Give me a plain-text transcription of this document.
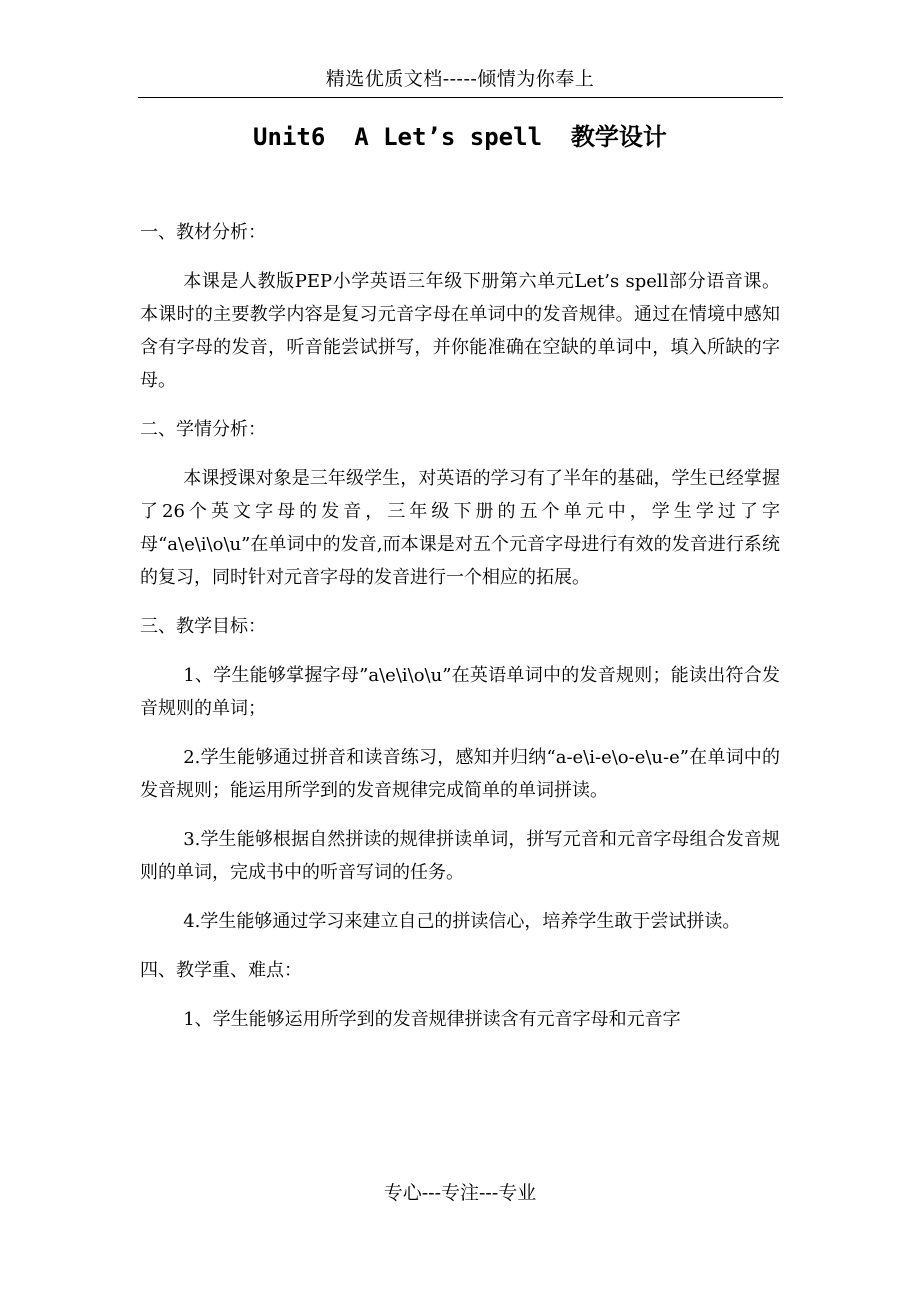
精选优质文档-----倾情为你奉上
Unit6  A Let’s spell  教学设计
一、教材分析：
本课是人教版PEP小学英语三年级下册第六单元Let’s spell部分语音课。本课时的主要教学内容是复习元音字母在单词中的发音规律。通过在情境中感知含有字母的发音，听音能尝试拼写，并你能准确在空缺的单词中，填入所缺的字母。
二、学情分析：
本课授课对象是三年级学生，对英语的学习有了半年的基础，学生已经掌握了26个英文字母的发音，三年级下册的五个单元中，学生学过了字母“a\e\i\o\u”在单词中的发音,而本课是对五个元音字母进行有效的发音进行系统的复习，同时针对元音字母的发音进行一个相应的拓展。
三、教学目标：
1、学生能够掌握字母”a\e\i\o\u”在英语单词中的发音规则；能读出符合发音规则的单词；
2.学生能够通过拼音和读音练习，感知并归纳“a-e\i-e\o-e\u-e”在单词中的发音规则；能运用所学到的发音规律完成简单的单词拼读。
3.学生能够根据自然拼读的规律拼读单词，拼写元音和元音字母组合发音规则的单词，完成书中的听音写词的任务。
4.学生能够通过学习来建立自己的拼读信心，培养学生敢于尝试拼读。
四、教学重、难点：
1、学生能够运用所学到的发音规律拼读含有元音字母和元音字
专心---专注---专业
